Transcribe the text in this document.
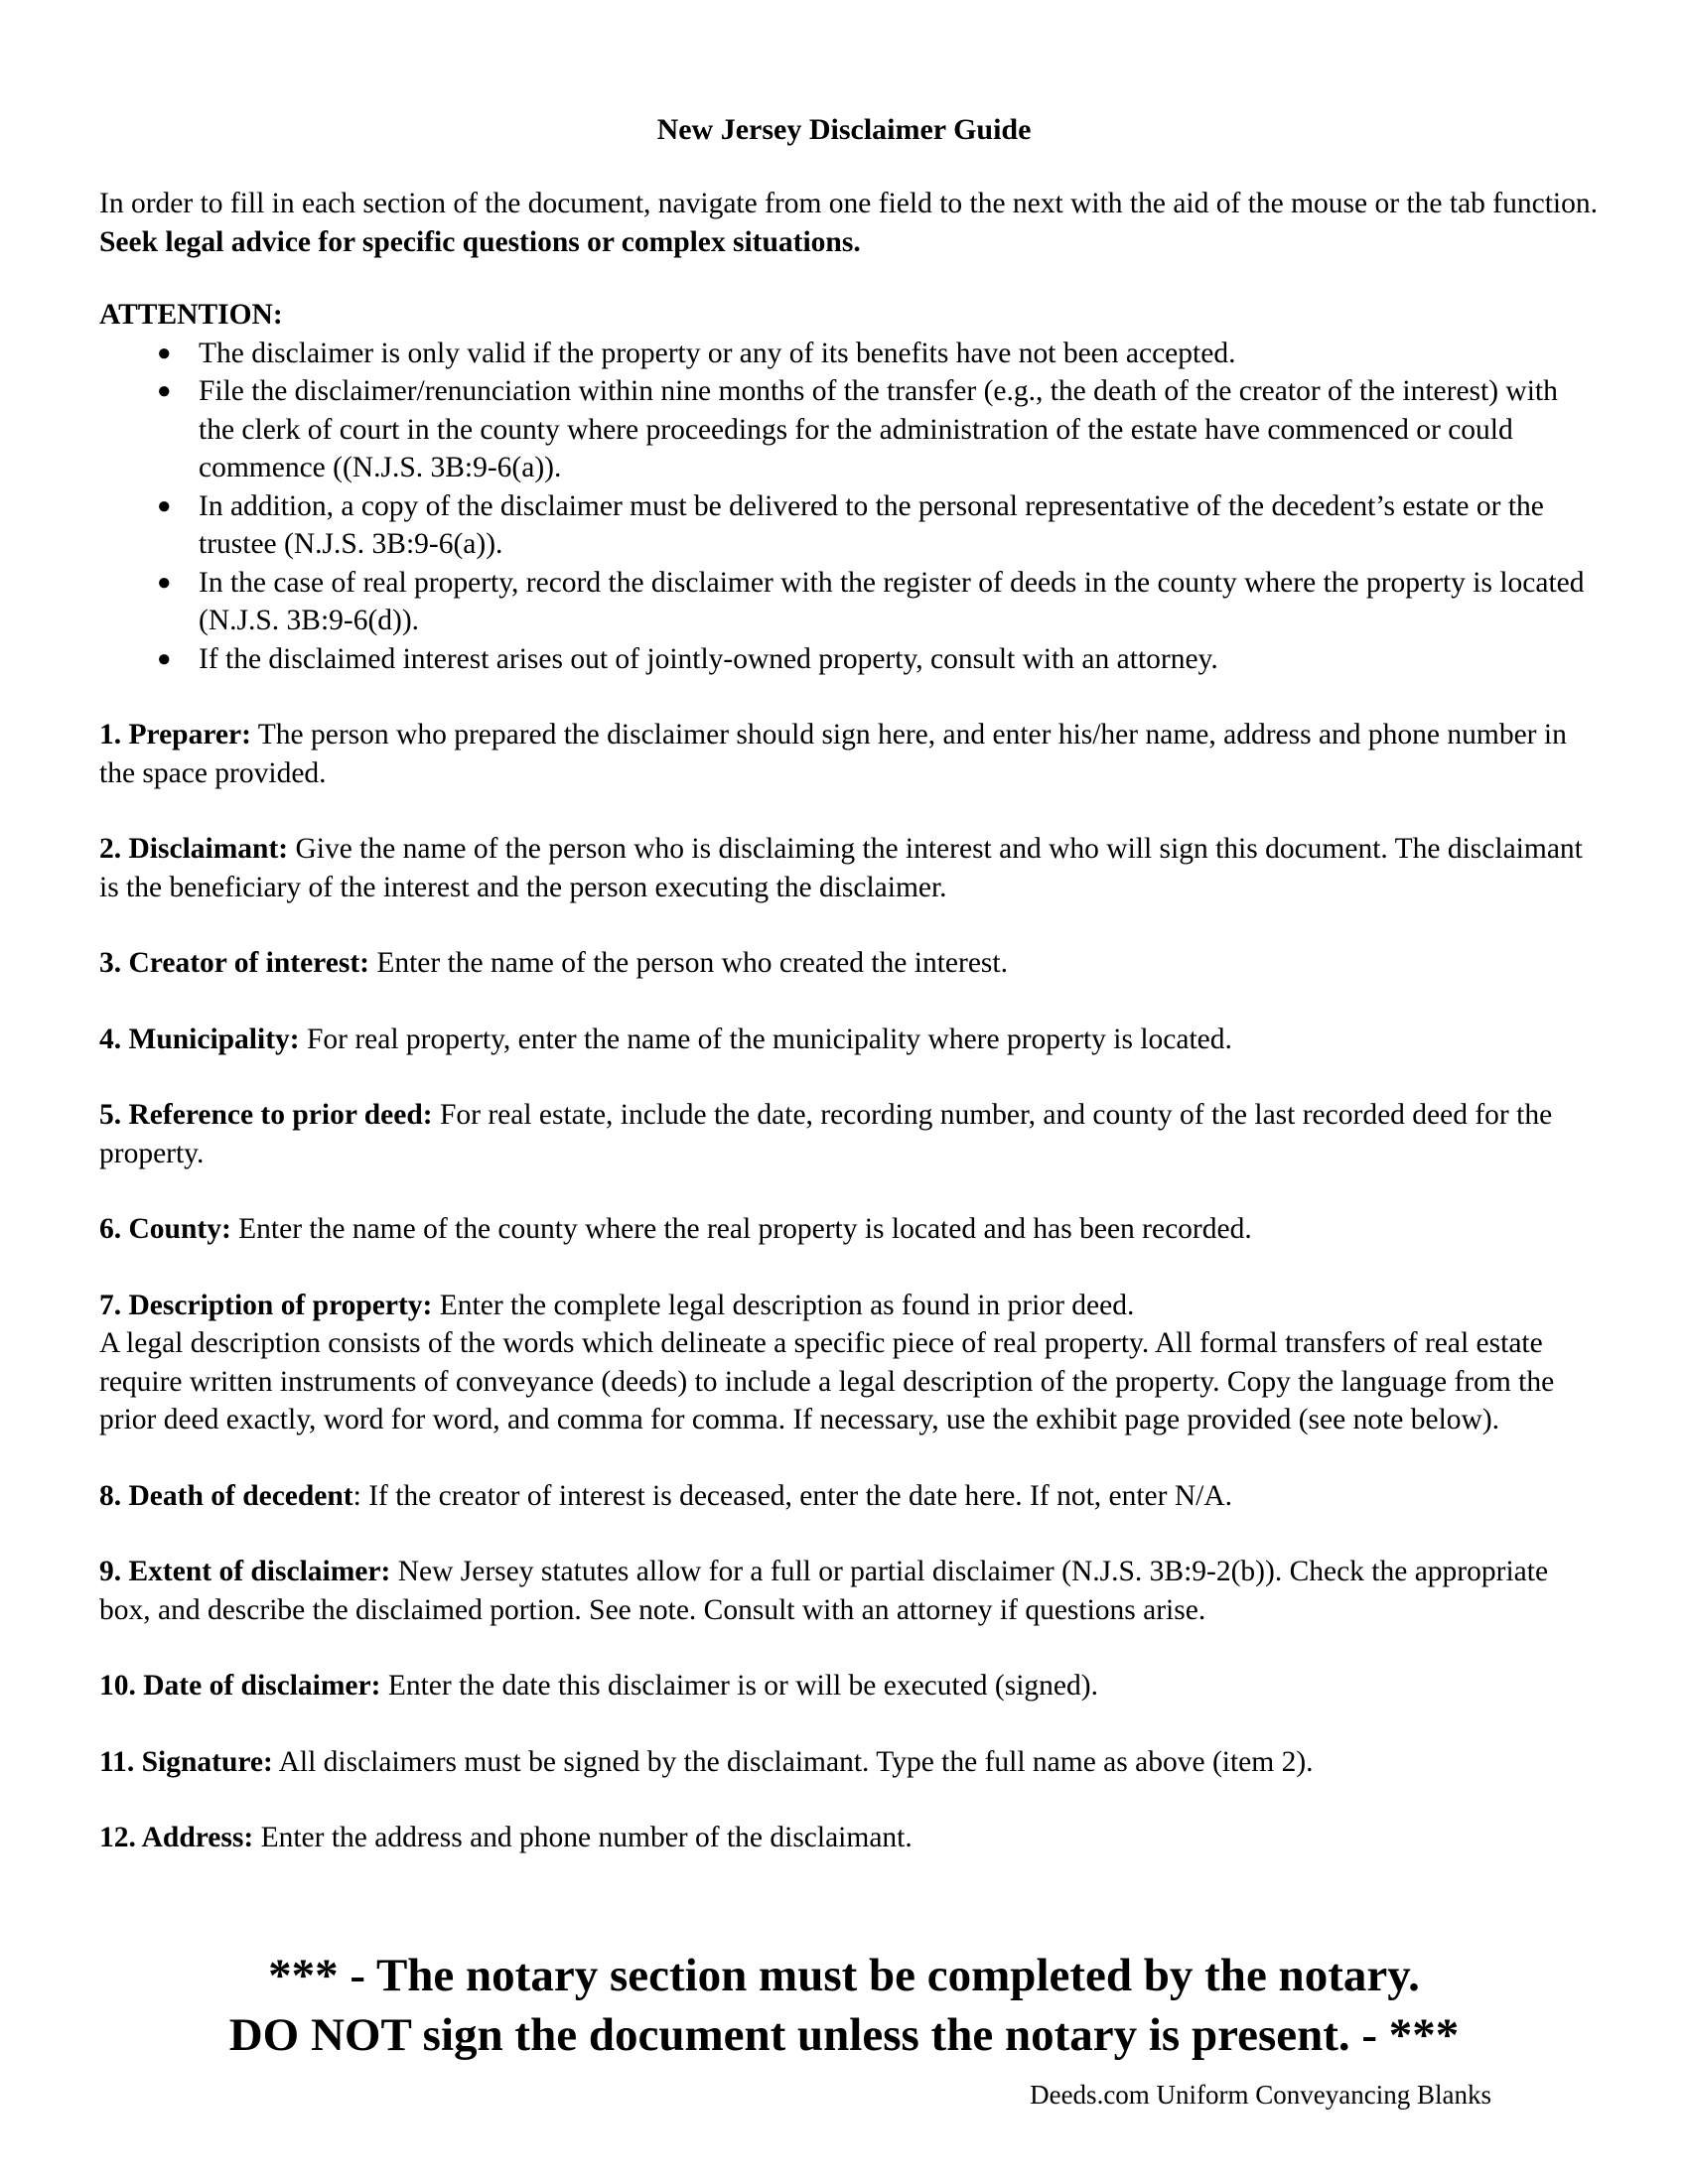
New Jersey Disclaimer Guide

In order to fill in each section of the document, navigate from one field to the next with the aid of the mouse or the tab function. Seek legal advice for specific questions or complex situations.

ATTENTION:

● The disclaimer is only valid if the property or any of its benefits have not been accepted.
● File the disclaimer/renunciation within nine months of the transfer (e.g., the death of the creator of the interest) with the clerk of court in the county where proceedings for the administration of the estate have commenced or could commence ((N.J.S. 3B:9-6(a)).
● In addition, a copy of the disclaimer must be delivered to the personal representative of the decedent’s estate or the trustee (N.J.S. 3B:9-6(a)).
● In the case of real property, record the disclaimer with the register of deeds in the county where the property is located (N.J.S. 3B:9-6(d)).
● If the disclaimed interest arises out of jointly-owned property, consult with an attorney.

1. Preparer: The person who prepared the disclaimer should sign here, and enter his/her name, address and phone number in the space provided.

2. Disclaimant: Give the name of the person who is disclaiming the interest and who will sign this document. The disclaimant is the beneficiary of the interest and the person executing the disclaimer.

3. Creator of interest: Enter the name of the person who created the interest.

4. Municipality: For real property, enter the name of the municipality where property is located.

5. Reference to prior deed: For real estate, include the date, recording number, and county of the last recorded deed for the property.

6. County: Enter the name of the county where the real property is located and has been recorded.

7. Description of property: Enter the complete legal description as found in prior deed.
A legal description consists of the words which delineate a specific piece of real property. All formal transfers of real estate require written instruments of conveyance (deeds) to include a legal description of the property. Copy the language from the prior deed exactly, word for word, and comma for comma. If necessary, use the exhibit page provided (see note below).

8. Death of decedent: If the creator of interest is deceased, enter the date here. If not, enter N/A.

9. Extent of disclaimer: New Jersey statutes allow for a full or partial disclaimer (N.J.S. 3B:9-2(b)). Check the appropriate box, and describe the disclaimed portion. See note. Consult with an attorney if questions arise.

10. Date of disclaimer: Enter the date this disclaimer is or will be executed (signed).

11. Signature: All disclaimers must be signed by the disclaimant. Type the full name as above (item 2).

12. Address: Enter the address and phone number of the disclaimant.

*** - The notary section must be completed by the notary.
DO NOT sign the document unless the notary is present. - ***
Deeds.com Uniform Conveyancing Blanks
